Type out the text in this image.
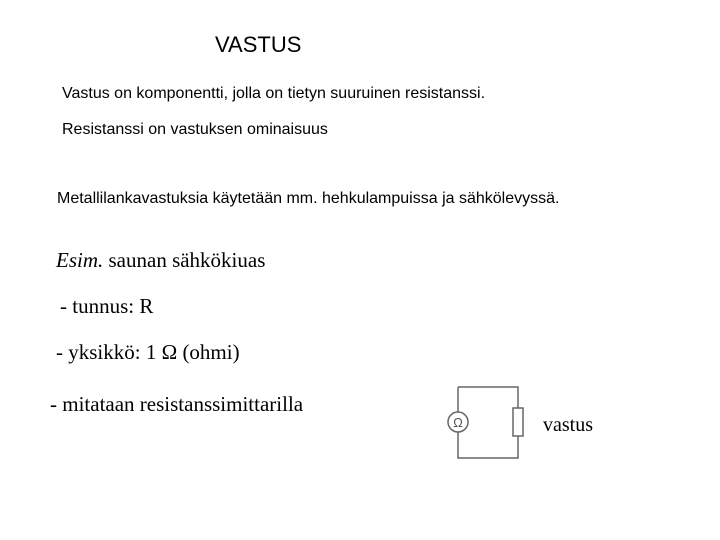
VASTUS
Vastus on komponentti, jolla on tietyn suuruinen resistanssi.
Resistanssi on vastuksen ominaisuus
Metallilankavastuksia käytetään mm. hehkulampuissa ja sähkölevyssä.
Esim. saunan sähkökiuas
- tunnus: R
- yksikkö: 1 Ω (ohmi)
- mitataan resistanssimittarilla
Ω	vastus
